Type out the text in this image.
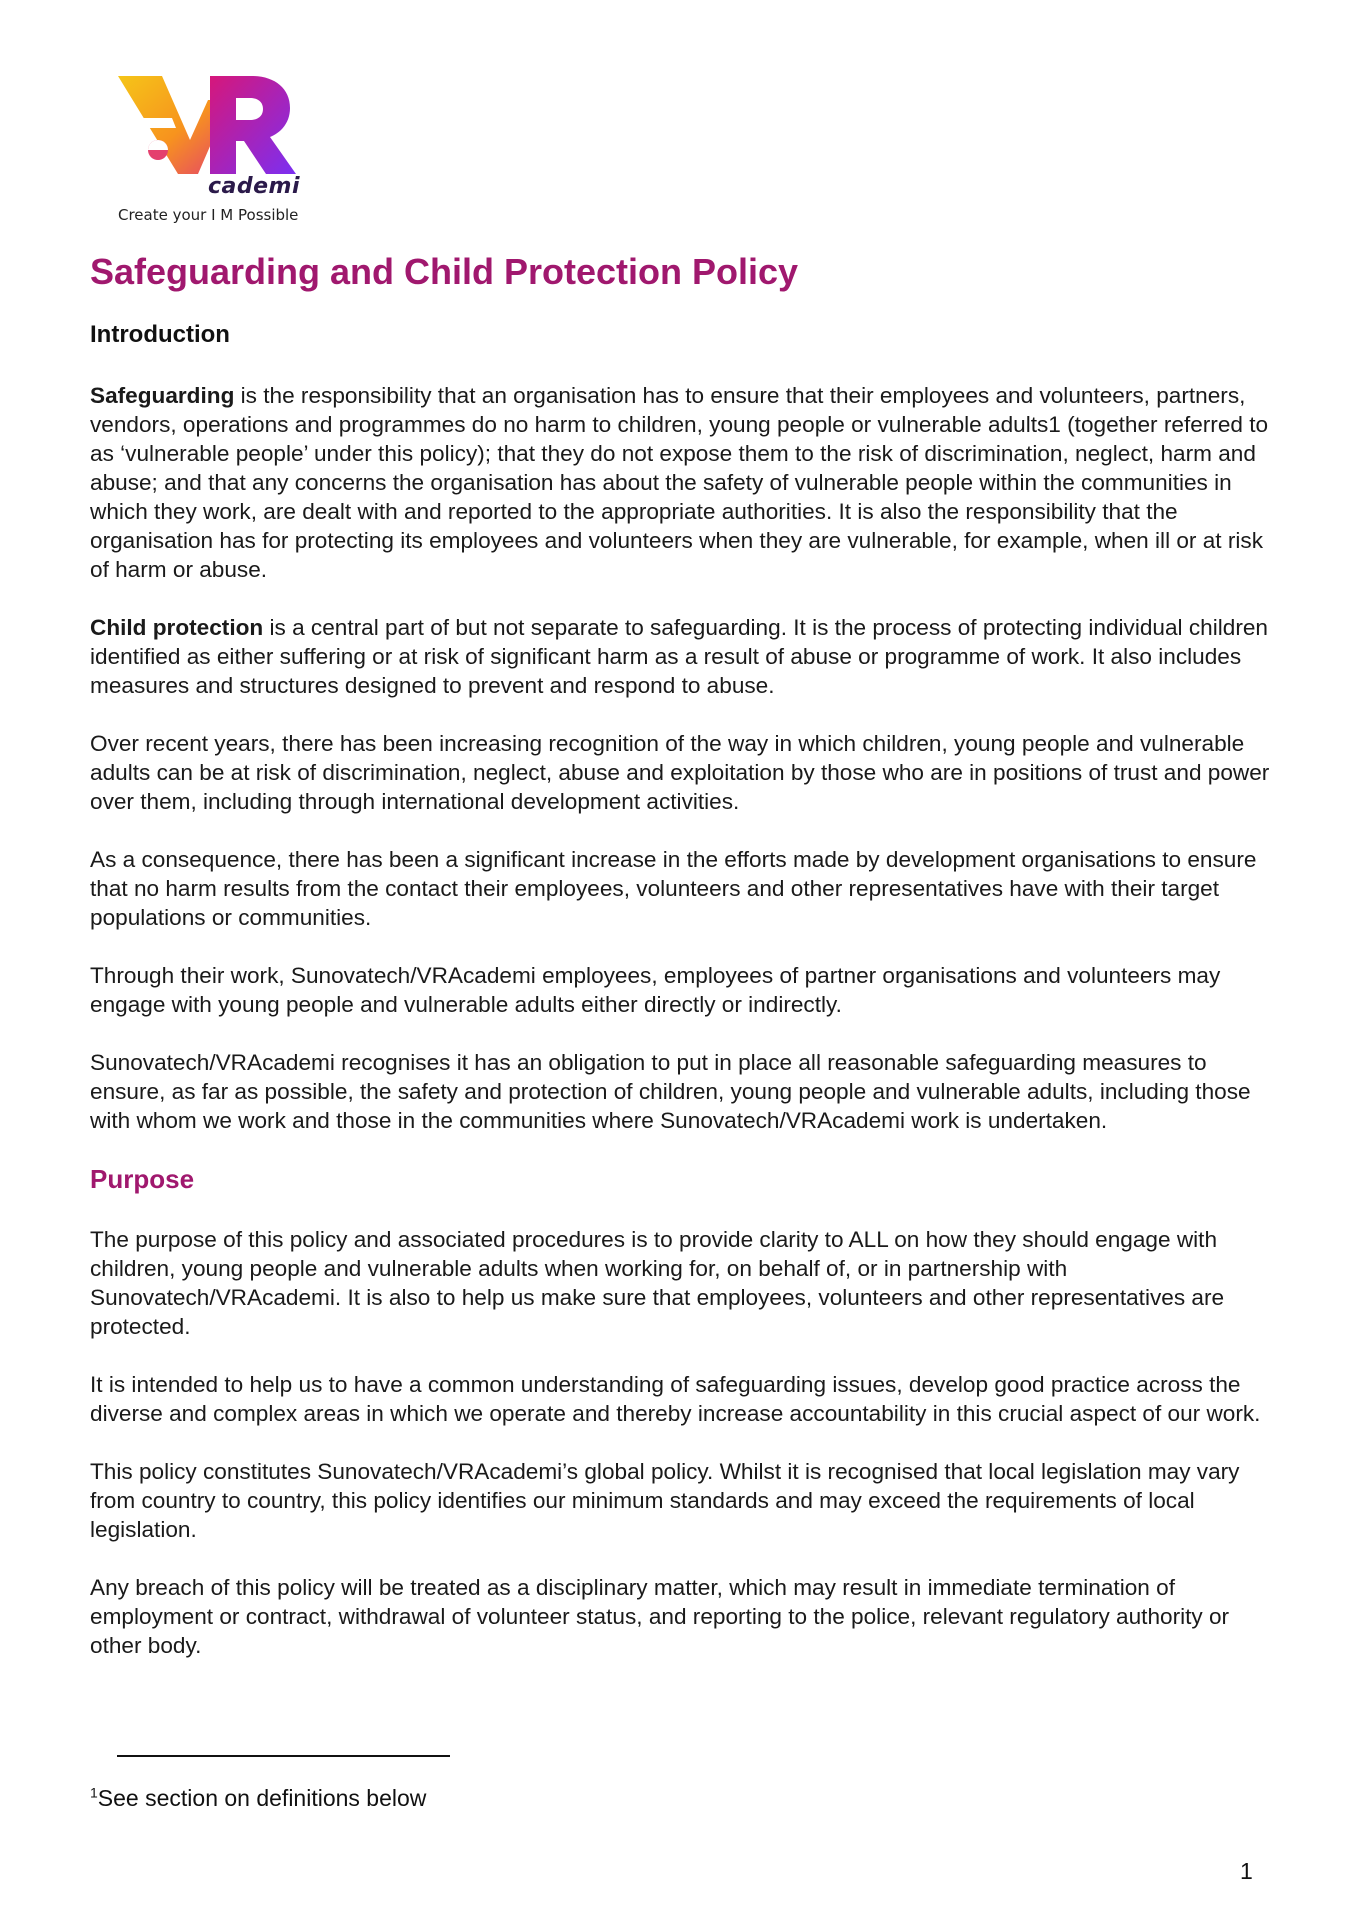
cademi
Create your I M Possible
Safeguarding and Child Protection Policy
Introduction

Safeguarding is the responsibility that an organisation has to ensure that their employees and volunteers, partners, vendors, operations and programmes do no harm to children, young people or vulnerable adults1 (together referred to as ‘vulnerable people’ under this policy); that they do not expose them to the risk of discrimination, neglect, harm and abuse; and that any concerns the organisation has about the safety of vulnerable people within the communities in which they work, are dealt with and reported to the appropriate authorities. It is also the responsibility that the organisation has for protecting its employees and volunteers when they are vulnerable, for example, when ill or at risk of harm or abuse.

Child protection is a central part of but not separate to safeguarding. It is the process of protecting individual children identified as either suffering or at risk of significant harm as a result of abuse or programme of work. It also includes measures and structures designed to prevent and respond to abuse.

Over recent years, there has been increasing recognition of the way in which children, young people and vulnerable adults can be at risk of discrimination, neglect, abuse and exploitation by those who are in positions of trust and power over them, including through international development activities.

As a consequence, there has been a significant increase in the efforts made by development organisations to ensure that no harm results from the contact their employees, volunteers and other representatives have with their target populations or communities.

Through their work, Sunovatech/VRAcademi employees, employees of partner organisations and volunteers may engage with young people and vulnerable adults either directly or indirectly.

Sunovatech/VRAcademi recognises it has an obligation to put in place all reasonable safeguarding measures to ensure, as far as possible, the safety and protection of children, young people and vulnerable adults, including those with whom we work and those in the communities where Sunovatech/VRAcademi work is undertaken.

Purpose

The purpose of this policy and associated procedures is to provide clarity to ALL on how they should engage with children, young people and vulnerable adults when working for, on behalf of, or in partnership with Sunovatech/VRAcademi. It is also to help us make sure that employees, volunteers and other representatives are protected.

It is intended to help us to have a common understanding of safeguarding issues, develop good practice across the diverse and complex areas in which we operate and thereby increase accountability in this crucial aspect of our work.

This policy constitutes Sunovatech/VRAcademi’s global policy. Whilst it is recognised that local legislation may vary from country to country, this policy identifies our minimum standards and may exceed the requirements of local legislation.

Any breach of this policy will be treated as a disciplinary matter, which may result in immediate termination of employment or contract, withdrawal of volunteer status, and reporting to the police, relevant regulatory authority or other body.

$^1$See section on definitions below
1
